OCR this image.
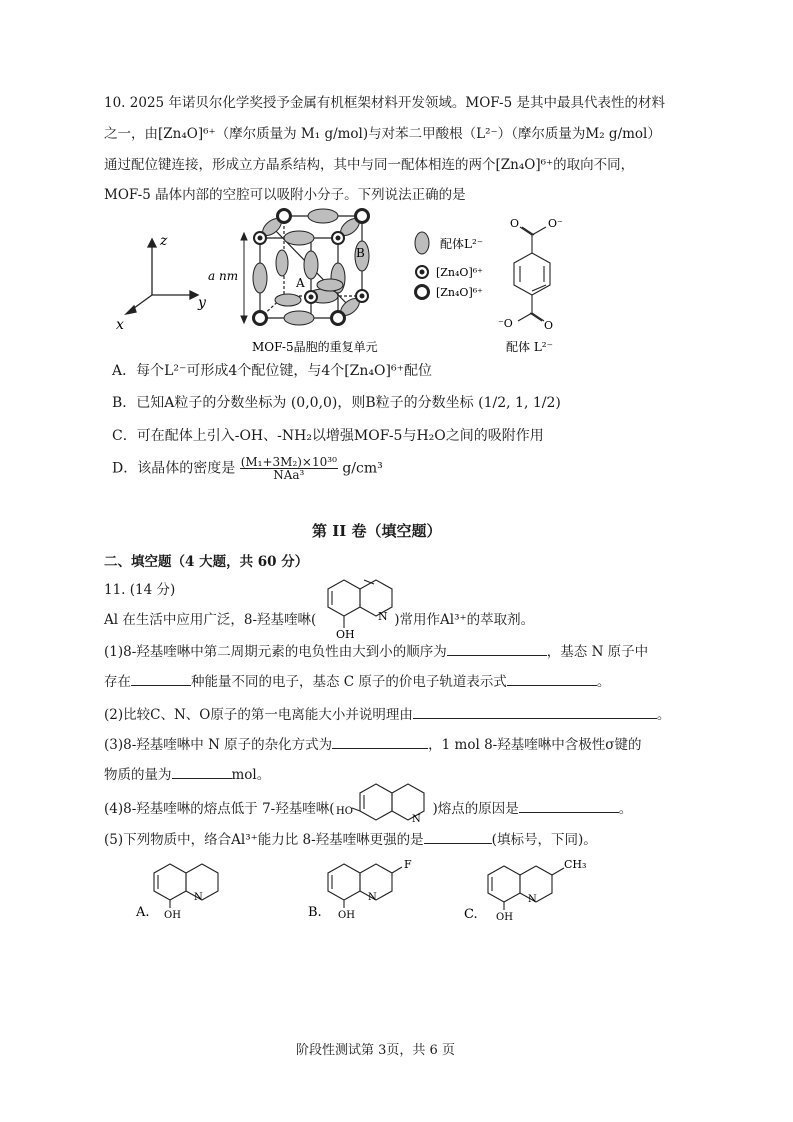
10. 2025 年诺贝尔化学奖授予金属有机框架材料开发领域。MOF-5 是其中最具代表性的材料
之一，由[Zn₄O]⁶⁺（摩尔质量为 M₁ g/mol)与对苯二甲酸根（L²⁻）（摩尔质量为M₂ g/mol）
通过配位键连接，形成立方晶系结构，其中与同一配体相连的两个[Zn₄O]⁶⁺的取向不同，
MOF-5 晶体内部的空腔可以吸附小分子。下列说法正确的是
z
y
x
a nm	A
B
配体L²⁻
[Zn₄O]⁶⁺
[Zn₄O]⁶⁺
O	O⁻
⁻O	O
MOF-5晶胞的重复单元	配体 L²⁻
A．每个L²⁻可形成4个配位键，与4个[Zn₄O]⁶⁺配位
B．已知A粒子的分数坐标为 (0,0,0)，则B粒子的分数坐标 (1/2, 1, 1/2)
C．可在配体上引入-OH、-NH₂以增强MOF-5与H₂O之间的吸附作用
D．该晶体的密度是 $\frac{\text{(M₁+3M₂)×10³⁰}}{\text{NAa³}} g/cm^3$
第 II 卷（填空题）
二、填空题（4 大题，共 60 分）
11. (14 分)
Al 在生活中应用广泛，8-羟基喹啉(	)常用作Al³⁺的萃取剂。
N
OH
(1)8-羟基喹啉中第二周期元素的电负性由大到小的顺序为	，基态 N 原子中
存在	种能量不同的电子，基态 C 原子的价电子轨道表示式	。
(2)比较C、N、O原子的第一电离能大小并说明理由	。
(3)8-羟基喹啉中 N 原子的杂化方式为	，1 mol 8-羟基喹啉中含极性σ键的
物质的量为	mol。
(4)8-羟基喹啉的熔点低于 7-羟基喹啉(	)熔点的原因是	。
HO
N
(5)下列物质中，络合Al³⁺能力比 8-羟基喹啉更强的是	(填标号，下同)。
A. OH
N
B. OH
N
F
C. OH
N
CH₃
阶段性测试第 3页，共 6 页
